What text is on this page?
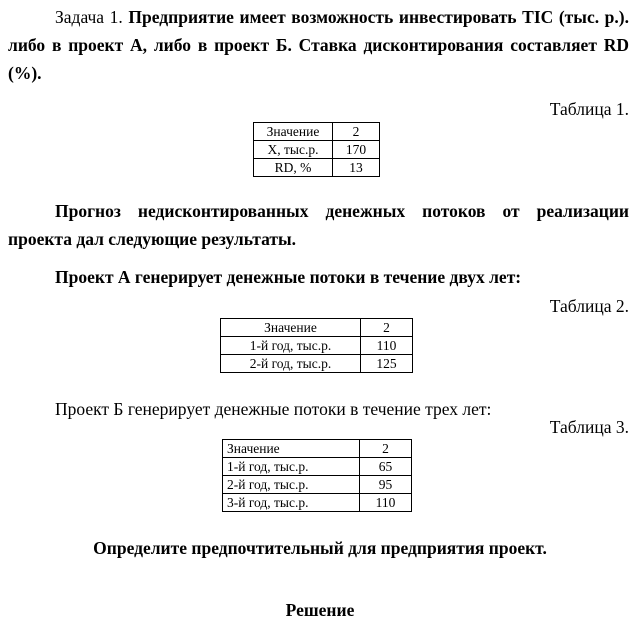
Задача 1. Предприятие имеет возможность инвестировать TIC (тыс. р.). либо в проект А, либо в проект Б. Ставка дисконтирования составляет RD (%).

Таблица 1.
Значение	2
X, тыс.р.	170
RD, %	13

Прогноз недисконтированных денежных потоков от реализации проекта дал следующие результаты.

Проект А генерирует денежные потоки в течение двух лет:

Таблица 2.
Значение	2
1-й год, тыс.р.	110
2-й год, тыс.р.	125

Проект Б генерирует денежные потоки в течение трех лет:

Таблица 3.
Значение	2
1-й год, тыс.р.	65
2-й год, тыс.р.	95
3-й год, тыс.р.	110
Определите предпочтительный для предприятия проект.
Решение
